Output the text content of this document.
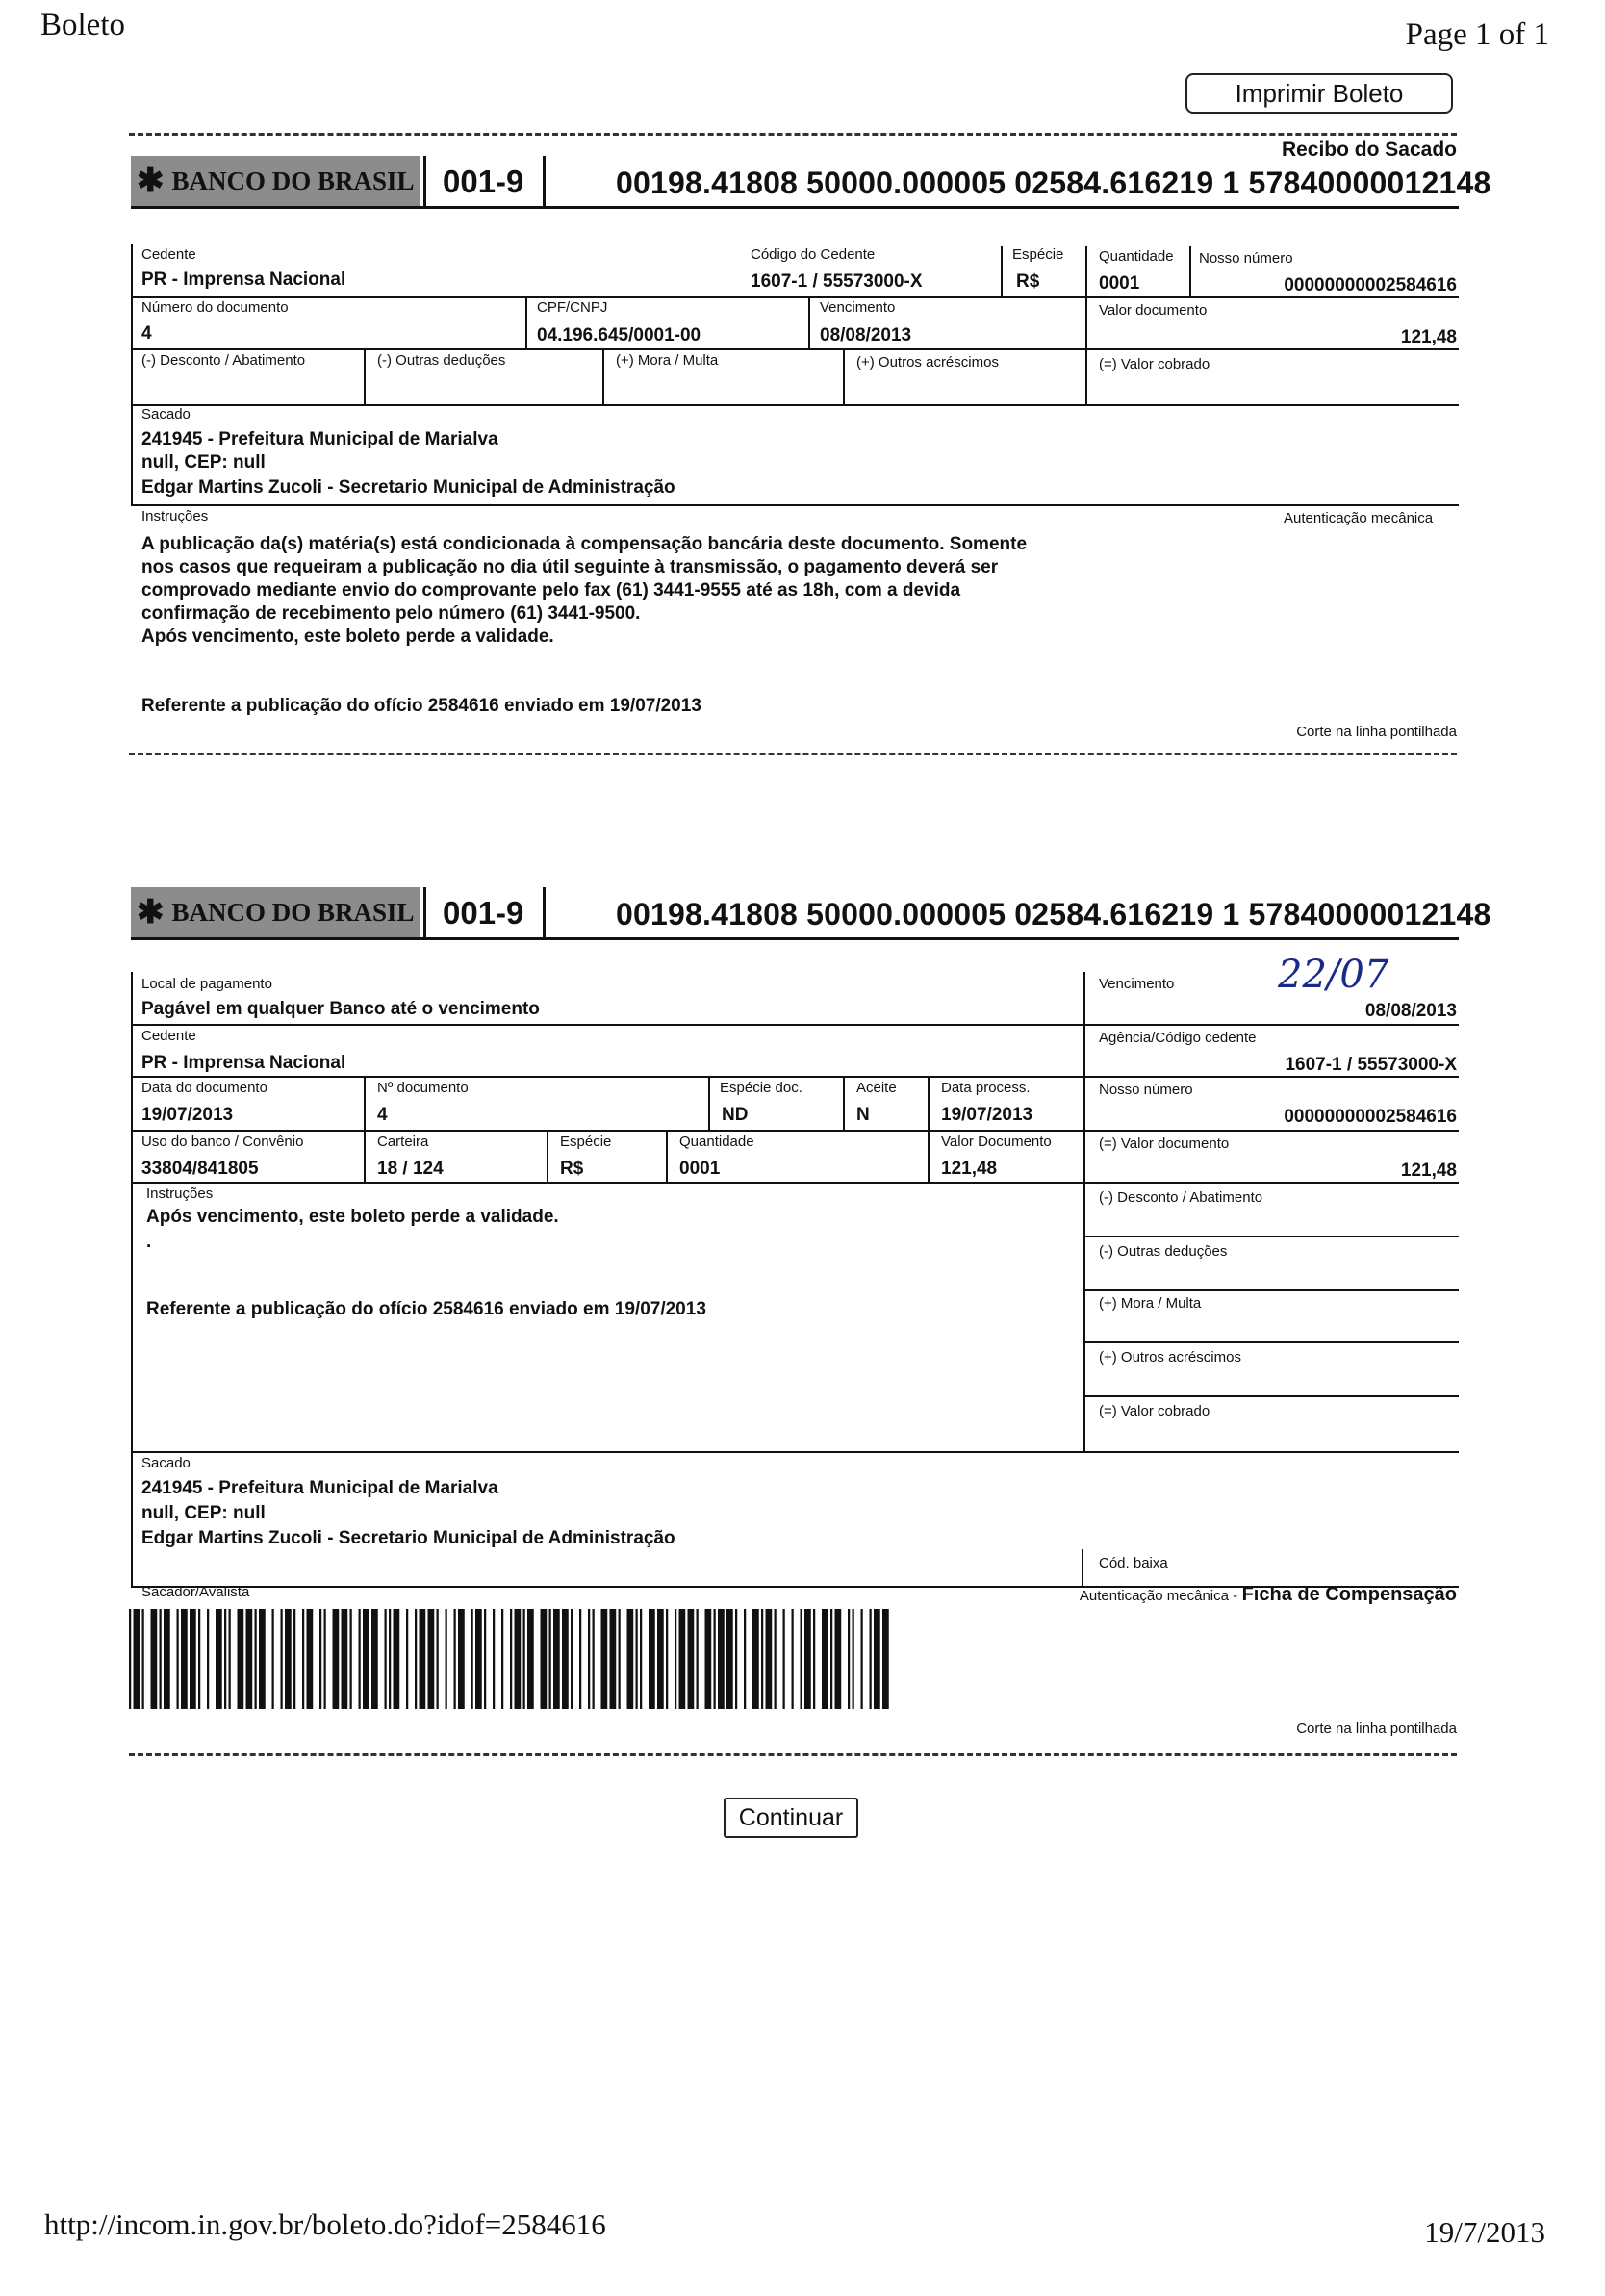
Boleto	Page 1 of 1
Imprimir Boleto
Recibo do Sacado
✱ BANCO DO BRASIL 001-9	00198.41808 50000.000005 02584.616219 1 57840000012148
Cedente
PR - Imprensa Nacional
Código do Cedente
1607-1 / 55573000-X
Espécie
R$
Quantidade
0001
Nosso número
00000000002584616
Número do documento
4
CPF/CNPJ
04.196.645/0001-00
Vencimento
08/08/2013
Valor documento
121,48
(-) Desconto / Abatimento	(-) Outras deduções	(+) Mora / Multa	(+) Outros acréscimos	(=) Valor cobrado
Sacado
241945 - Prefeitura Municipal de Marialva
null, CEP: null
Edgar Martins Zucoli - Secretario Municipal de Administração
Instruções	Autenticação mecânica
A publicação da(s) matéria(s) está condicionada à compensação bancária deste documento. Somente
nos casos que requeiram a publicação no dia útil seguinte à transmissão, o pagamento deverá ser
comprovado mediante envio do comprovante pelo fax (61) 3441-9555 até as 18h, com a devida
confirmação de recebimento pelo número (61) 3441-9500.
Após vencimento, este boleto perde a validade.
Referente a publicação do ofício 2584616 enviado em 19/07/2013
Corte na linha pontilhada
✱ BANCO DO BRASIL 001-9	00198.41808 50000.000005 02584.616219 1 57840000012148
Local de pagamento
Pagável em qualquer Banco até o vencimento
Vencimento	22/07
08/08/2013
Cedente
PR - Imprensa Nacional
Agência/Código cedente
1607-1 / 55573000-X
Data do documento
19/07/2013
Nº documento
4
Espécie doc.
ND
Aceite
N
Data process.
19/07/2013
Nosso número
00000000002584616
Uso do banco / Convênio
33804/841805
Carteira
18 / 124
Espécie
R$
Quantidade
0001
Valor Documento
121,48
(=) Valor documento
121,48
Instruções
Após vencimento, este boleto perde a validade.
.
Referente a publicação do ofício 2584616 enviado em 19/07/2013
(-) Desconto / Abatimento
(-) Outras deduções
(+) Mora / Multa
(+) Outros acréscimos
(=) Valor cobrado
Sacado
241945 - Prefeitura Municipal de Marialva
null, CEP: null
Edgar Martins Zucoli - Secretario Municipal de Administração
Cód. baixa
Sacador/Avalista	Autenticação mecânica - Ficha de Compensação
Corte na linha pontilhada
Continuar
http://incom.in.gov.br/boleto.do?idof=2584616	19/7/2013
